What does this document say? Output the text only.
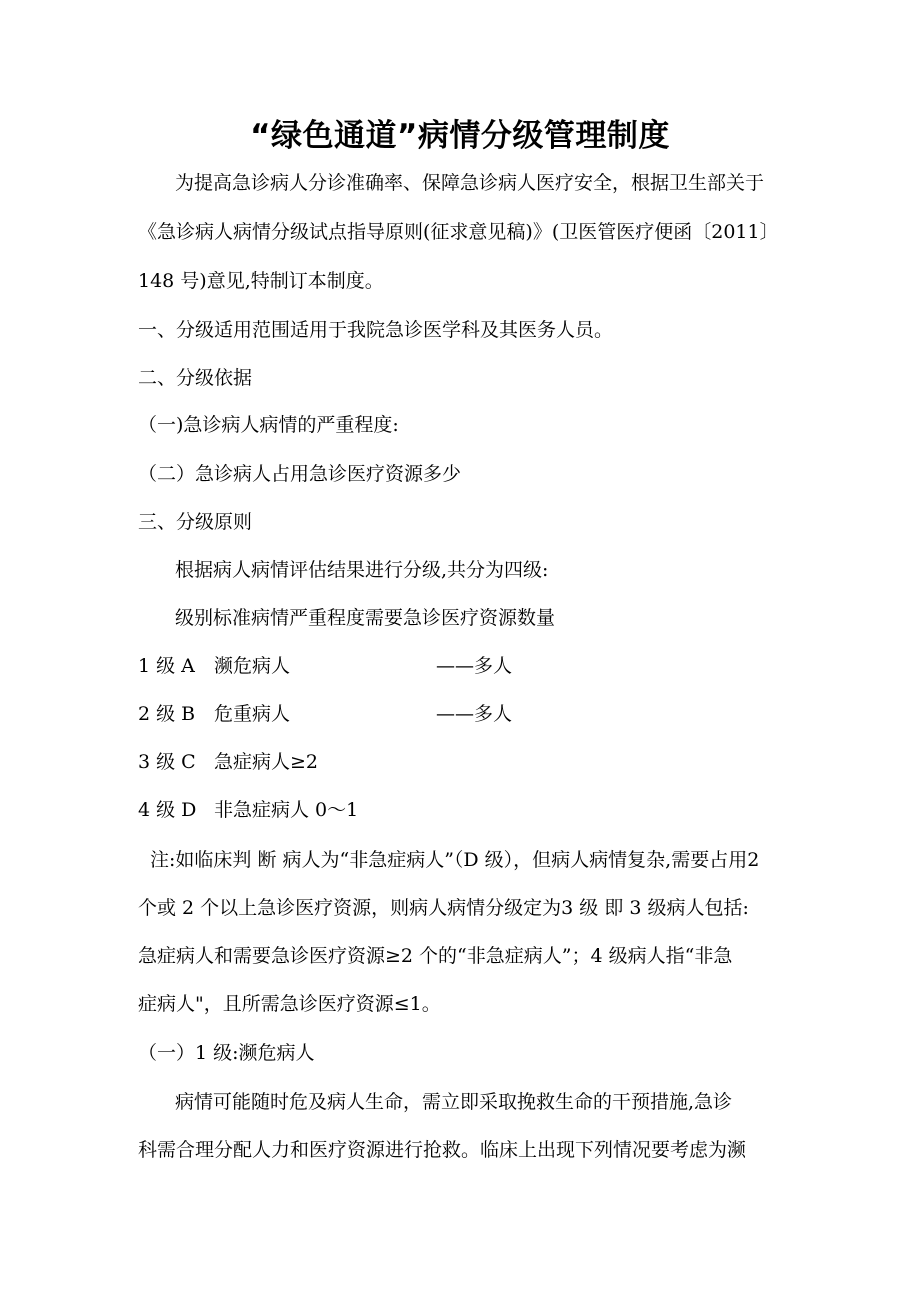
“绿色通道”病情分级管理制度
为提高急诊病人分诊准确率、保障急诊病人医疗安全，根据卫生部关于
《急诊病人病情分级试点指导原则(征求意见稿)》(卫医管医疗便函〔2011〕
148 号)意见,特制订本制度。
一、分级适用范围适用于我院急诊医学科及其医务人员。
二、分级依据
（一)急诊病人病情的严重程度:
（二）急诊病人占用急诊医疗资源多少
三、分级原则
根据病人病情评估结果进行分级,共分为四级:
级别标准病情严重程度需要急诊医疗资源数量
1 级 A 濒危病人	——多人
2 级 B 危重病人	——多人
3 级 C 急症病人≥2
4 级 D 非急症病人 0～1
注:如临床判 断 病人为“非急症病人”（D 级），但病人病情复杂,需要占用2
个或 2 个以上急诊医疗资源，则病人病情分级定为3 级 即 3 级病人包括:
急症病人和需要急诊医疗资源≥2 个的“非急症病人”；4 级病人指“非急
症病人"，且所需急诊医疗资源≤1。
（一）1 级:濒危病人
病情可能随时危及病人生命，需立即采取挽救生命的干预措施,急诊
科需合理分配人力和医疗资源进行抢救。临床上出现下列情况要考虑为濒
